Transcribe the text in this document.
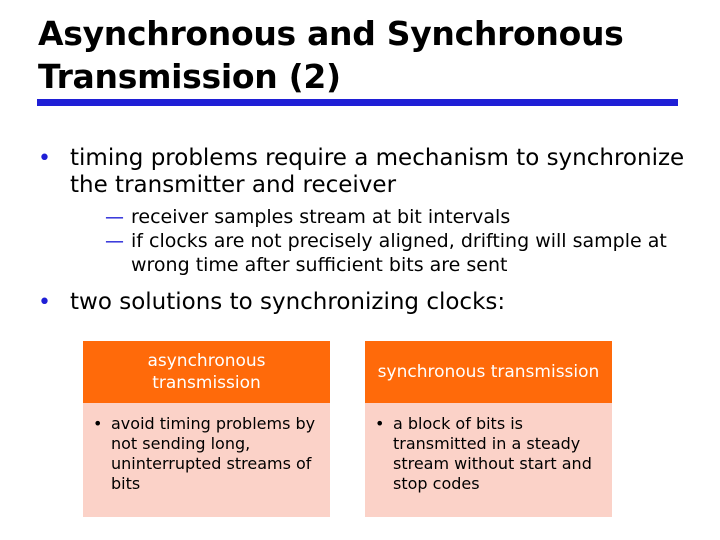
Asynchronous and Synchronous
Transmission (2)
• timing problems require a mechanism to synchronize the transmitter and receiver
— receiver samples stream at bit intervals
— if clocks are not precisely aligned, drifting will sample at wrong time after sufficient bits are sent
• two solutions to synchronizing clocks:
asynchronous transmission
• avoid timing problems by not sending long, uninterrupted streams of bits
synchronous transmission
• a block of bits is transmitted in a steady stream without start and stop codes
